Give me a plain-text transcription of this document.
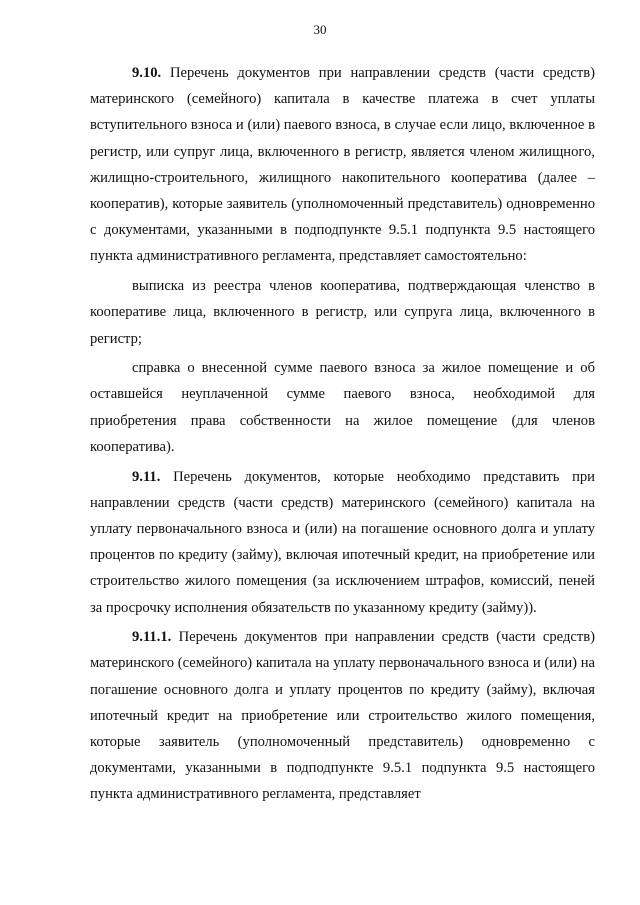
30

9.10. Перечень документов при направлении средств (части средств) материнского (семейного) капитала в качестве платежа в счет уплаты вступительного взноса и (или) паевого взноса, в случае если лицо, включенное в регистр, или супруг лица, включенного в регистр, является членом жилищного, жилищно-строительного, жилищного накопительного кооператива (далее – кооператив), которые заявитель (уполномоченный представитель) одновременно с документами, указанными в подподпункте 9.5.1 подпункта 9.5 настоящего пункта административного регламента, представляет самостоятельно:

выписка из реестра членов кооператива, подтверждающая членство в кооперативе лица, включенного в регистр, или супруга лица, включенного в регистр;

справка о внесенной сумме паевого взноса за жилое помещение и об оставшейся неуплаченной сумме паевого взноса, необходимой для приобретения права собственности на жилое помещение (для членов кооператива).

9.11. Перечень документов, которые необходимо представить при направлении средств (части средств) материнского (семейного) капитала на уплату первоначального взноса и (или) на погашение основного долга и уплату процентов по кредиту (займу), включая ипотечный кредит, на приобретение или строительство жилого помещения (за исключением штрафов, комиссий, пеней за просрочку исполнения обязательств по указанному кредиту (займу)).

9.11.1. Перечень документов при направлении средств (части средств) материнского (семейного) капитала на уплату первоначального взноса и (или) на погашение основного долга и уплату процентов по кредиту (займу), включая ипотечный кредит на приобретение или строительство жилого помещения, которые заявитель (уполномоченный представитель) одновременно с документами, указанными в подподпункте 9.5.1 подпункта 9.5 настоящего пункта административного регламента, представляет
